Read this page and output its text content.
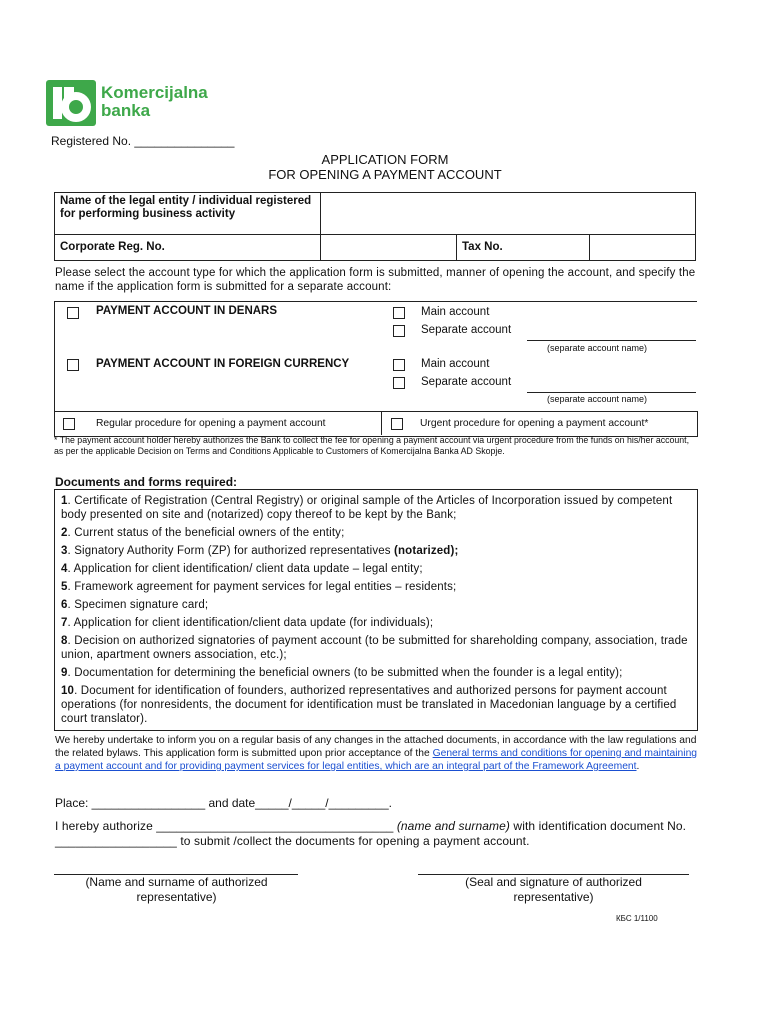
Komercijalna
banka
Registered No. _______________
APPLICATION FORM
FOR OPENING A PAYMENT ACCOUNT
Name of the legal entity / individual registered for performing business activity			
Corporate Reg. No.		Tax No.	
Please select the account type for which the application form is submitted, manner of opening the account, and specify the name if the application form is submitted for a separate account:
PAYMENT ACCOUNT IN DENARS	Main account
Separate account
(separate account name)
PAYMENT ACCOUNT IN FOREIGN CURRENCY	Main account
Separate account
(separate account name)
Regular procedure for opening a payment account	Urgent procedure for opening a payment account*
* The payment account holder hereby authorizes the Bank to collect the fee for opening a payment account via urgent procedure from the funds on his/her account, as per the applicable Decision on Terms and Conditions Applicable to Customers of Komercijalna Banka AD Skopje.
Documents and forms required:
1. Certificate of Registration (Central Registry) or original sample of the Articles of Incorporation issued by competent body presented on site and (notarized) copy thereof to be kept by the Bank;
2. Current status of the beneficial owners of the entity;
3. Signatory Authority Form (ZP) for authorized representatives (notarized);
4. Application for client identification/ client data update – legal entity;
5. Framework agreement for payment services for legal entities – residents;
6. Specimen signature card;
7. Application for client identification/client data update (for individuals);
8. Decision on authorized signatories of payment account (to be submitted for shareholding company, association, trade union, apartment owners association, etc.);
9. Documentation for determining the beneficial owners (to be submitted when the founder is a legal entity);
10. Document for identification of founders, authorized representatives and authorized persons for payment account operations (for nonresidents, the document for identification must be translated in Macedonian language by a certified court translator).
We hereby undertake to inform you on a regular basis of any changes in the attached documents, in accordance with the law regulations and the related bylaws. This application form is submitted upon prior acceptance of the General terms and conditions for opening and maintaining a payment account and for providing payment services for legal entities, which are an integral part of the Framework Agreement.
Place: _________________ and date_____/_____/_________.
I hereby authorize ___________________________________ (name and surname) with identification document No. __________________ to submit /collect the documents for opening a payment account.
(Name and surname of authorized representative)
(Seal and signature of authorized representative)
КБС 1/1100
